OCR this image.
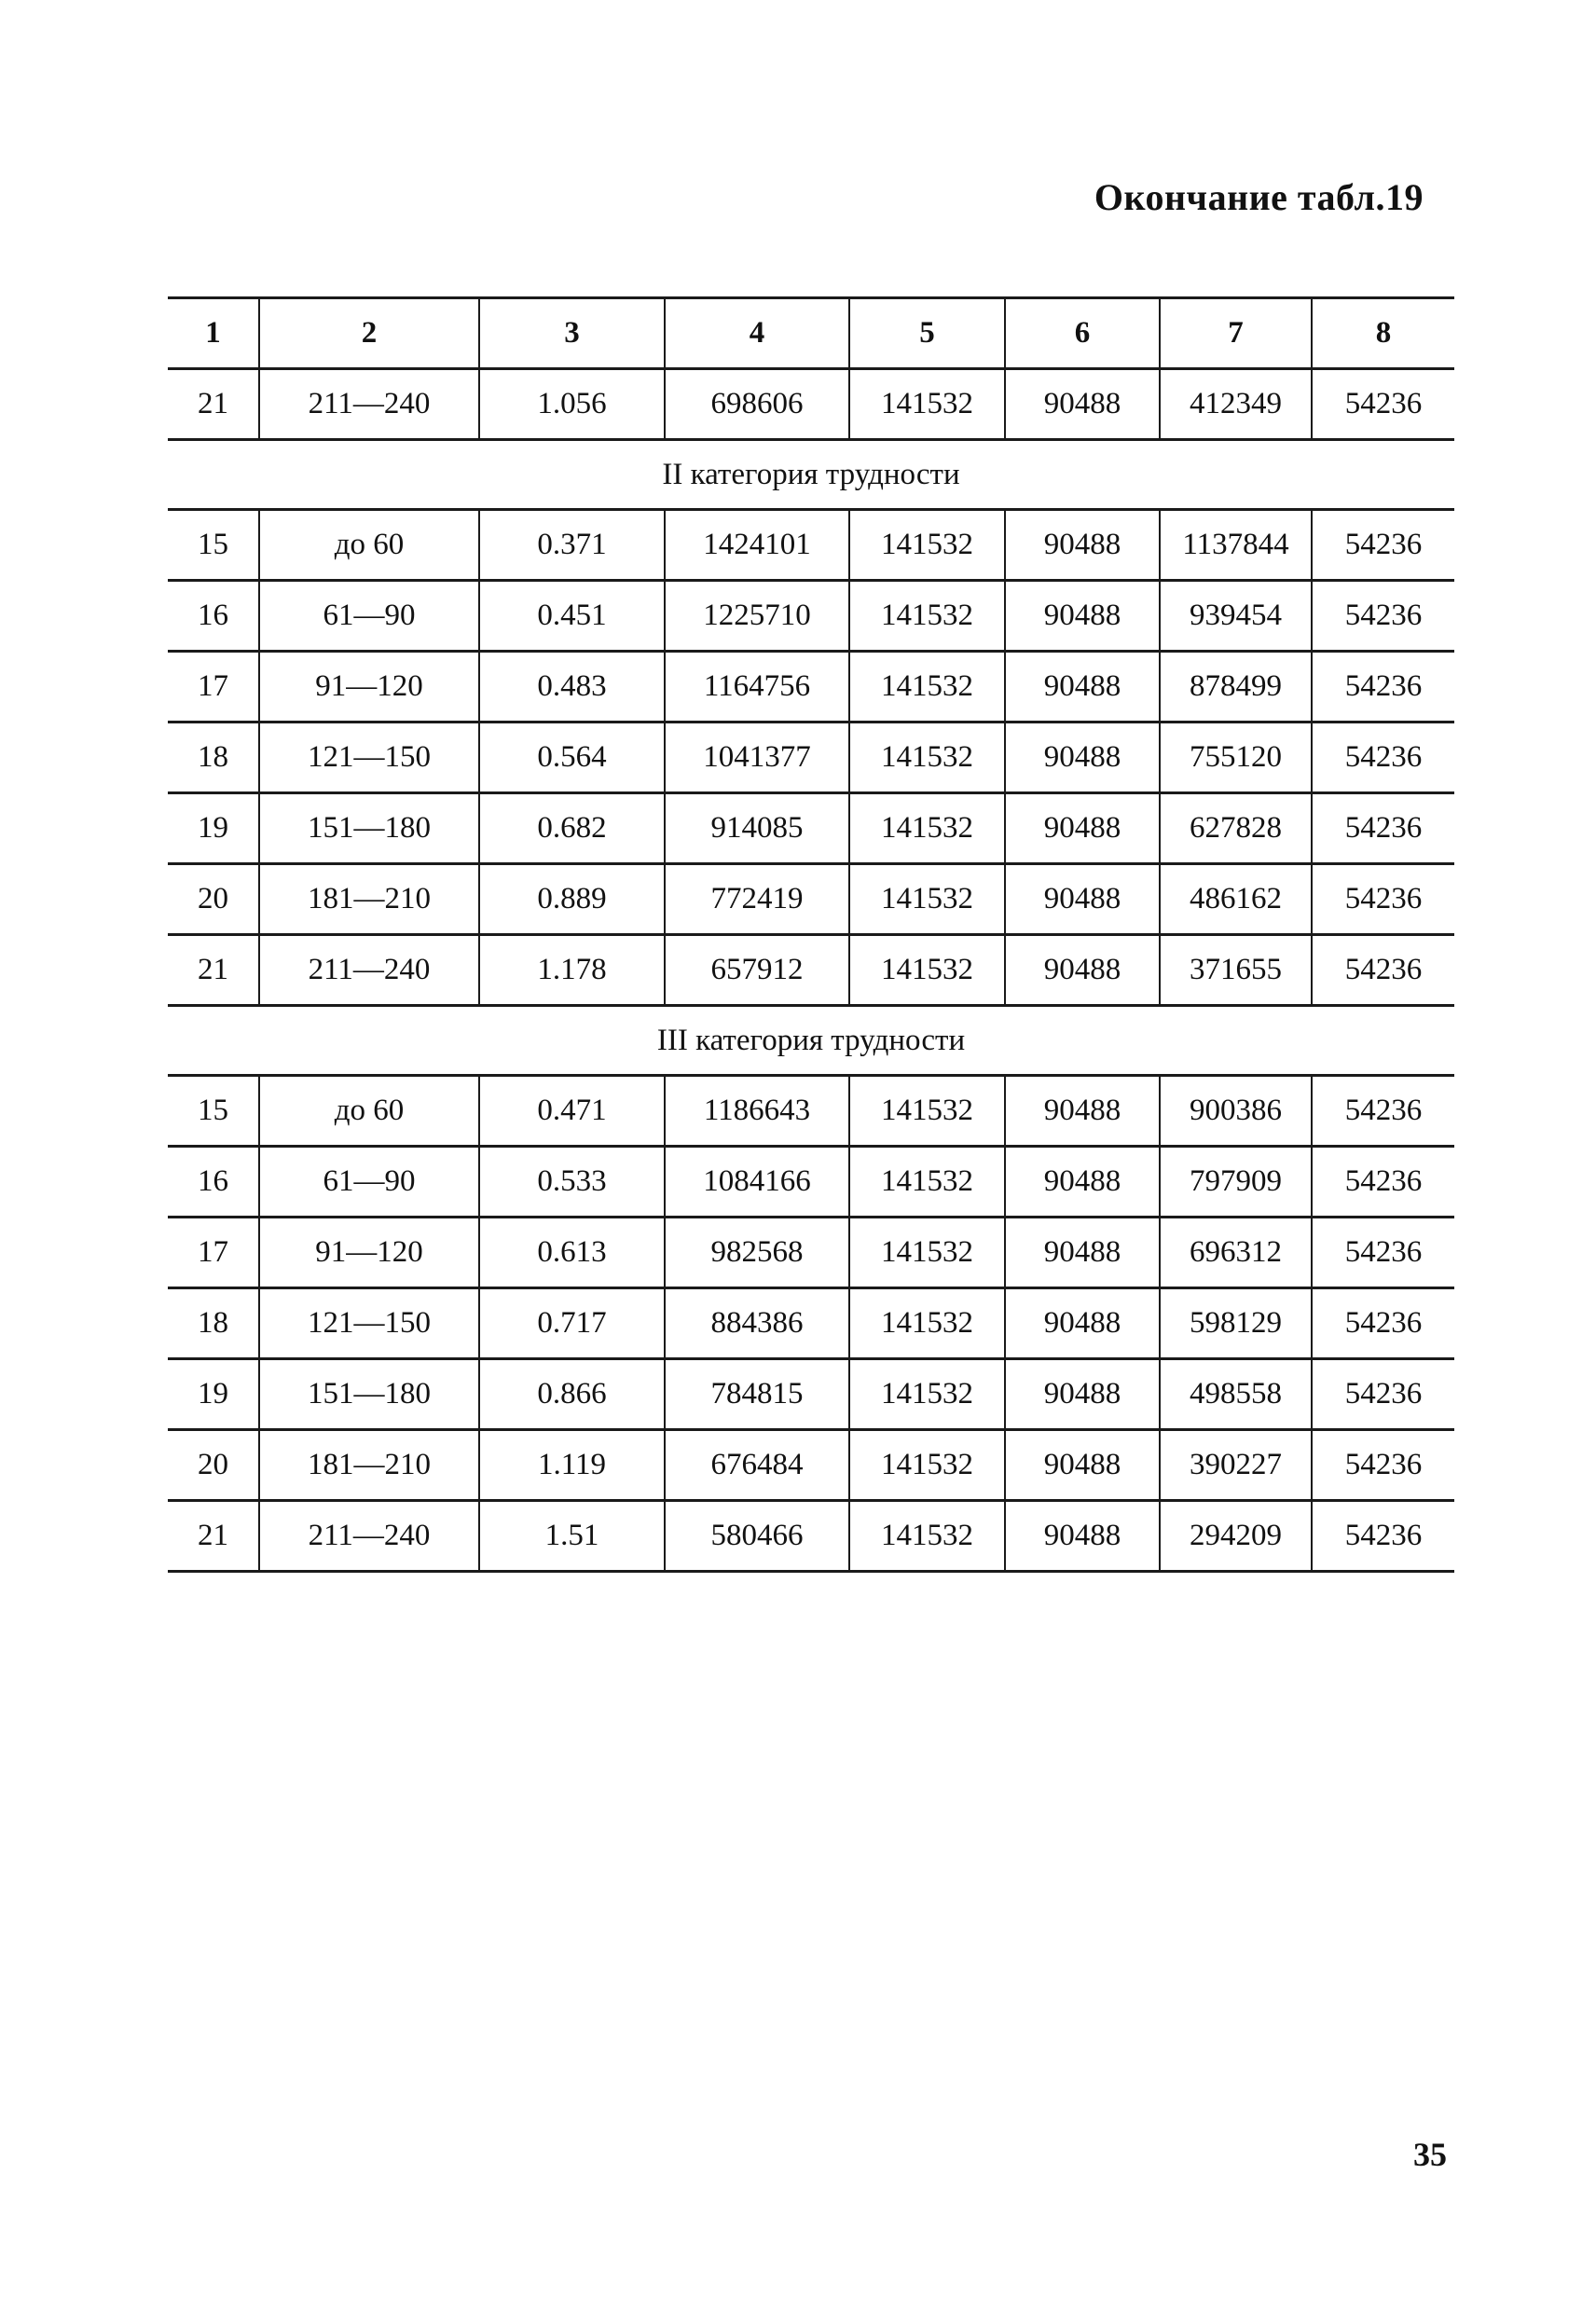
Окончание табл.19
1	2	3	4	5	6	7	8
21	211—240	1.056	698606	141532	90488	412349	54236
II категория трудности							
15	до 60	0.371	1424101	141532	90488	1137844	54236
16	61—90	0.451	1225710	141532	90488	939454	54236
17	91—120	0.483	1164756	141532	90488	878499	54236
18	121—150	0.564	1041377	141532	90488	755120	54236
19	151—180	0.682	914085	141532	90488	627828	54236
20	181—210	0.889	772419	141532	90488	486162	54236
21	211—240	1.178	657912	141532	90488	371655	54236
III категория трудности							
15	до 60	0.471	1186643	141532	90488	900386	54236
16	61—90	0.533	1084166	141532	90488	797909	54236
17	91—120	0.613	982568	141532	90488	696312	54236
18	121—150	0.717	884386	141532	90488	598129	54236
19	151—180	0.866	784815	141532	90488	498558	54236
20	181—210	1.119	676484	141532	90488	390227	54236
21	211—240	1.51	580466	141532	90488	294209	54236
35
